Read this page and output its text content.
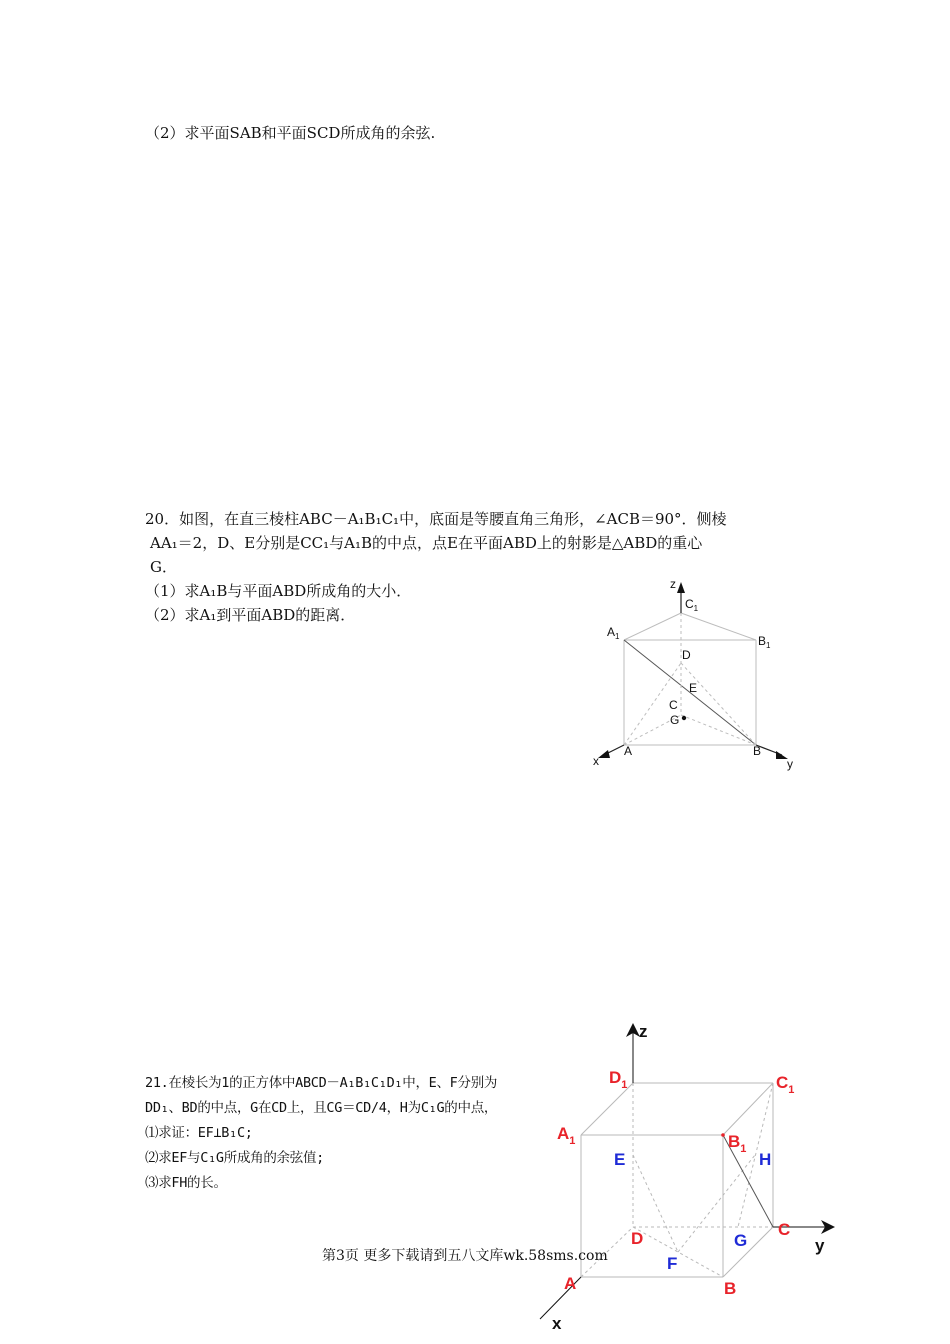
（2）求平面SAB和平面SCD所成角的余弦.
20．如图，在直三棱柱ABC－A₁B₁C₁中，底面是等腰直角三角形，∠ACB＝90°．侧棱
AA₁＝2，D、E分别是CC₁与A₁B的中点，点E在平面ABD上的射影是△ABD的重心
G．
（1）求A₁B与平面ABD所成角的大小．
（2）求A₁到平面ABD的距离．
z
$C_1$
$A_1$	$B_1$
D
E
C
G
A	B
x	y
21.在棱长为1的正方体中ABCD－A₁B₁C₁D₁中，E、F分别为
DD₁、BD的中点，G在CD上，且CG＝CD/4，H为C₁G的中点，
⑴求证：EF⊥B₁C;
⑵求EF与C₁G所成角的余弦值;
⑶求FH的长。
z
$D_1$	$C_1$
$A_1$	$B_1$
E	H
G
D	C
y
F
A	B
x
第3页 更多下载请到五八文库wk.58sms.com
